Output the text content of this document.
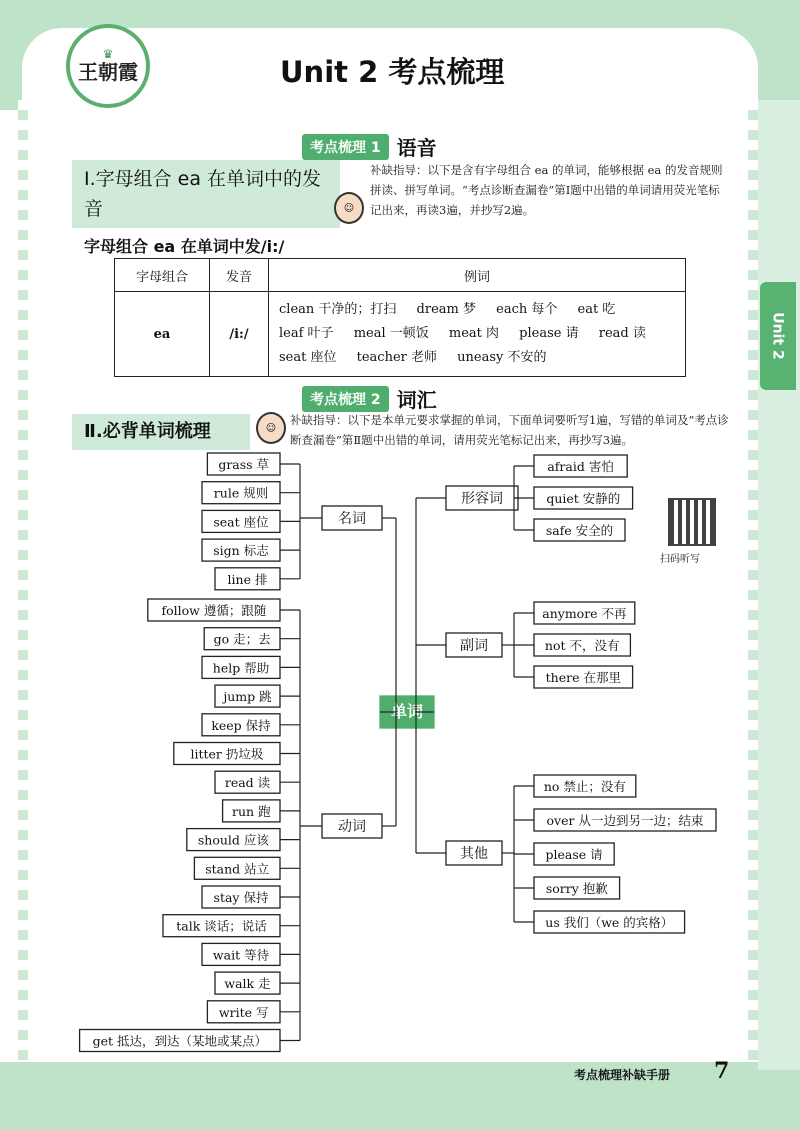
Unit 2
♛
王朝霞	Unit 2 考点梳理
考点梳理 1 语音
Ⅰ.字母组合 ea 在单词中的发音	☺
补缺指导：以下是含有字母组合 ea 的单词，能够根据 ea 的发音规则拼读、拼写单词。“考点诊断查漏卷”第Ⅰ题中出错的单词请用荧光笔标记出来，再读3遍，并抄写2遍。
字母组合 ea 在单词中发/i:/
字母组合	发音	例词
ea	/i:/	clean 干净的；打扫 dream 梦 each 每个 eat 吃
leaf 叶子 meal 一顿饭 meat 肉 please 请 read 读
seat 座位 teacher 老师 uneasy 不安的
考点梳理 2 词汇
Ⅱ.必背单词梳理	☺
补缺指导：以下是本单元要求掌握的单词，下面单词要听写1遍，写错的单词及“考点诊断查漏卷”第Ⅱ题中出错的单词，请用荧光笔标记出来，再抄写3遍。
单词
名词
grass 草
rule 规则
seat 座位
sign 标志
line 排
动词
follow 遵循；跟随
go 走；去
help 帮助
jump 跳
keep 保持
litter 扔垃圾
read 读
run 跑
should 应该
stand 站立
stay 保持
talk 谈话；说话
wait 等待
walk 走
write 写
get 抵达，到达（某地或某点）
形容词
afraid 害怕
quiet 安静的
safe 安全的
副词
anymore 不再
not 不，没有
there 在那里
其他
no 禁止；没有
over 从一边到另一边；结束
please 请
sorry 抱歉
us 我们（we 的宾格）
扫码听写
考点梳理补缺手册 7
